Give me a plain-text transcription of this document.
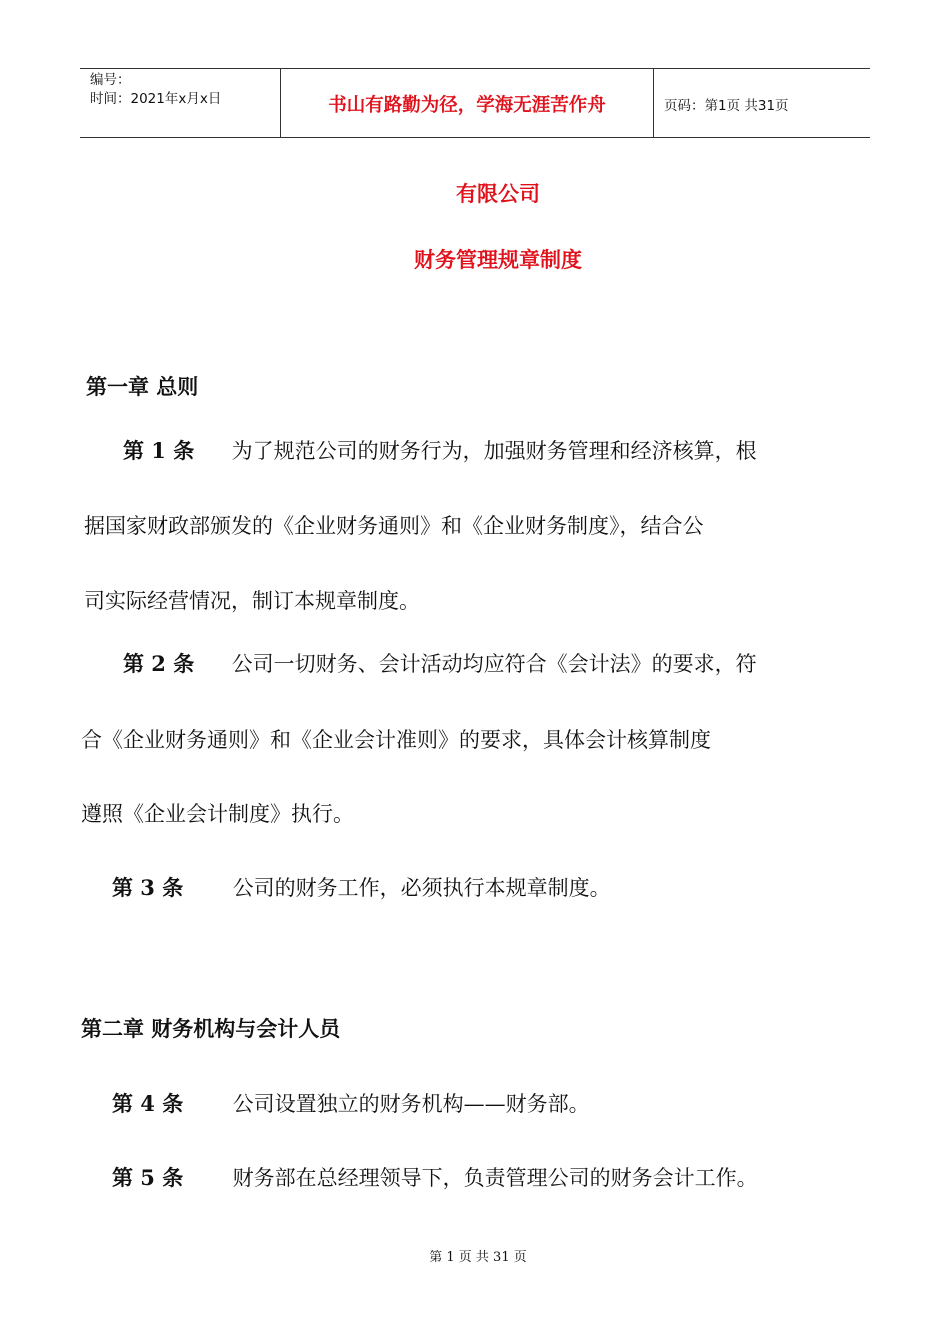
编号：
时间：2021年x月x日	书山有路勤为径，学海无涯苦作舟	页码：第1页 共31页
有限公司
财务管理规章制度
第一章 总则
第 1 条 为了规范公司的财务行为，加强财务管理和经济核算，根
据国家财政部颁发的《企业财务通则》和《企业财务制度》，结合公
司实际经营情况，制订本规章制度。
第 2 条 公司一切财务、会计活动均应符合《会计法》的要求，符
合《企业财务通则》和《企业会计准则》的要求，具体会计核算制度
遵照《企业会计制度》执行。
第 3 条 公司的财务工作，必须执行本规章制度。
第二章 财务机构与会计人员
第 4 条 公司设置独立的财务机构——财务部。
第 5 条 财务部在总经理领导下，负责管理公司的财务会计工作。
第 1 页 共 31 页
